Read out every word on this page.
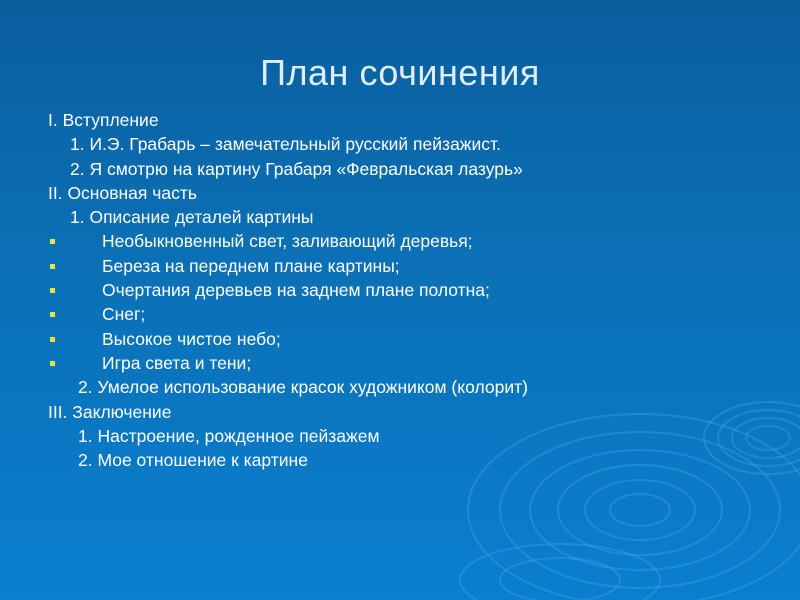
План сочинения
I. Вступление
1. И.Э. Грабарь – замечательный русский пейзажист.
2. Я смотрю на картину Грабаря «Февральская лазурь»
II. Основная часть
1. Описание деталей картины
Необыкновенный свет, заливающий деревья;
Береза на переднем плане картины;
Очертания деревьев на заднем плане полотна;
Снег;
Высокое чистое небо;
Игра света и тени;
2. Умелое использование красок художником (колорит)
III. Заключение
1. Настроение, рожденное пейзажем
2. Мое отношение к картине
